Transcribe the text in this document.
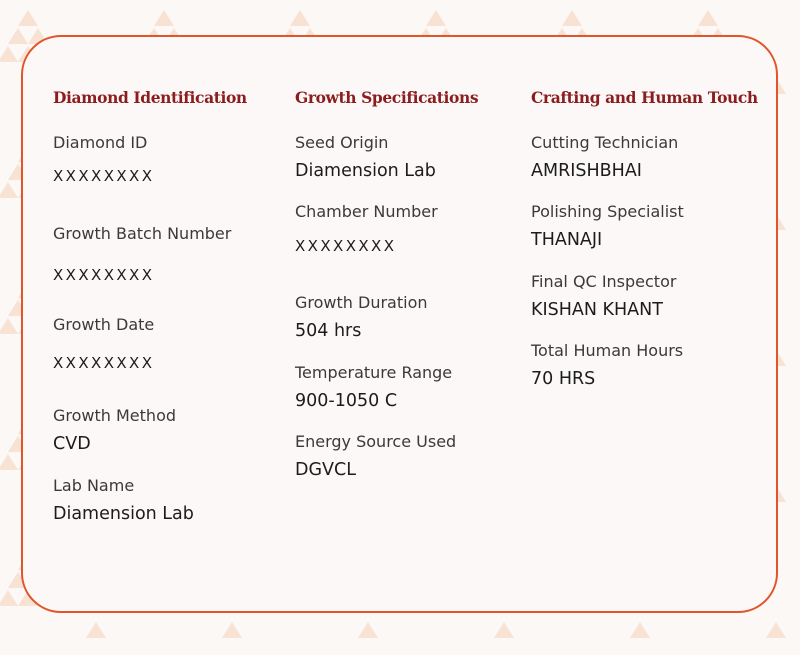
Diamond Identification
Diamond ID
XXXXXXXX
Growth Batch Number
XXXXXXXX
Growth Date
XXXXXXXX
Growth Method
CVD
Lab Name
Diamension Lab
Growth Specifications
Seed Origin
Diamension Lab
Chamber Number
XXXXXXXX
Growth Duration
504 hrs
Temperature Range
900-1050 C
Energy Source Used
DGVCL
Crafting and Human Touch
Cutting Technician
AMRISHBHAI
Polishing Specialist
THANAJI
Final QC Inspector
KISHAN KHANT
Total Human Hours
70 HRS
